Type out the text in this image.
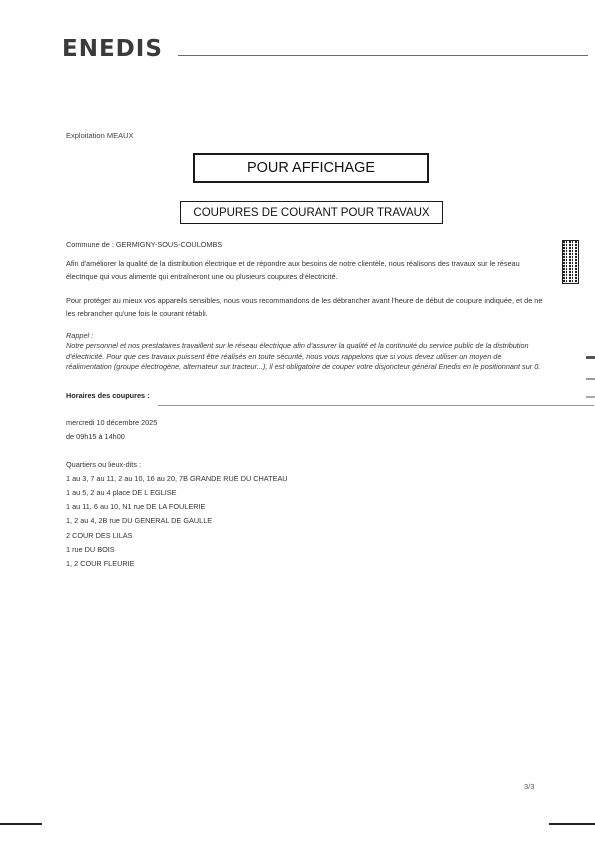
ENEDIS
Exploitation MEAUX
POUR AFFICHAGE
COUPURES DE COURANT POUR TRAVAUX
Commune de : GERMIGNY-SOUS-COULOMBS
Afin d'améliorer la qualité de la distribution électrique et de répondre aux besoins de notre clientèle, nous réalisons des travaux sur le réseau électrique qui vous alimente qui entraîneront une ou plusieurs coupures d'électricité.
Pour protéger au mieux vos appareils sensibles, nous vous recommandons de les débrancher avant l'heure de début de coupure indiquée, et de ne les rebrancher qu'une fois le courant rétabli.
Rappel :
Notre personnel et nos prestataires travaillent sur le réseau électrique afin d'assurer la qualité et la continuité du service public de la distribution d'électricité. Pour que ces travaux puissent être réalisés en toute sécurité, nous vous rappelons que si vous devez utiliser un moyen de réalimentation (groupe électrogène, alternateur sur tracteur...), il est obligatoire de couper votre disjoncteur général Enedis en le positionnant sur 0.
Horaires des coupures :
mercredi 10 décembre 2025
de 09h15 à 14h00
Quartiers ou lieux-dits :
1 au 3, 7 au 11, 2 au 10, 16 au 20, 7B GRANDE RUE DU CHATEAU
1 au 5, 2 au 4 place DE L EGLISE
1 au 11, 6 au 10, N1 rue DE LA FOULERIE
1, 2 au 4, 2B rue DU GENERAL DE GAULLE
2 COUR DES LILAS
1 rue DU BOIS
1, 2 COUR FLEURIE
3/3
